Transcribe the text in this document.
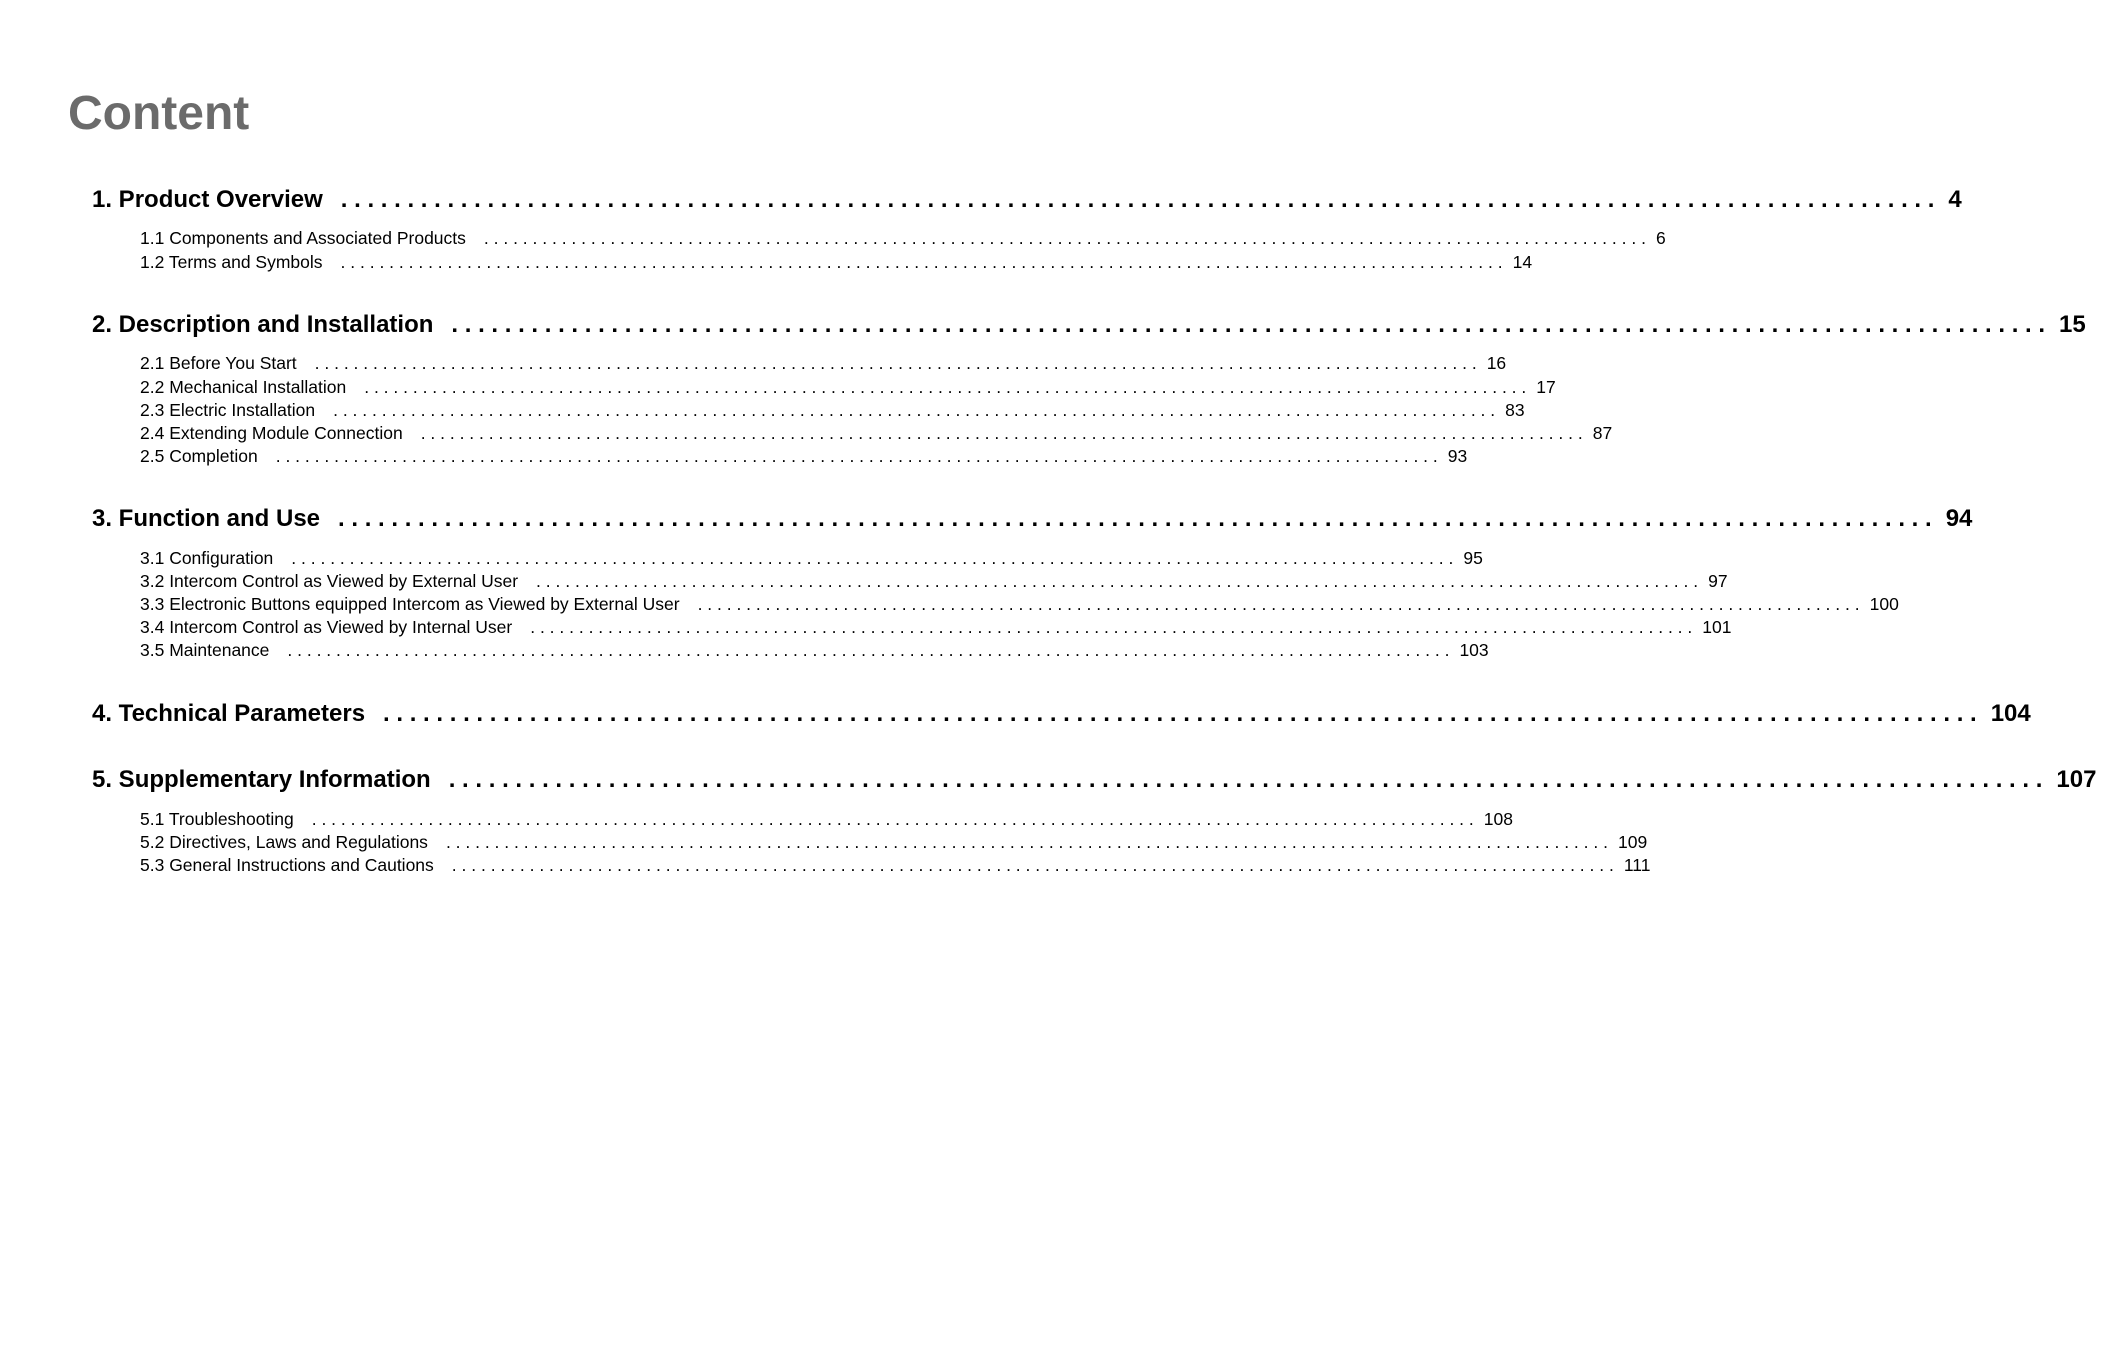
Content
1. Product Overview . . . . . . . . . . . . . . . . . . . . . . . . . . . . . . . . . . . . . . . . . . . . . . . . . . . . . . . . . . . . . . . . . . . . . . . . . . . . . . . . . . . . . . . . . . . . . . . . . . . . . . . . . . . . . . . . . . . . . . . . 4
1.1 Components and Associated Products	. . . . . . . . . . . . . . . . . . . . . . . . . . . . . . . . . . . . . . . . . . . . . . . . . . . . . . . . . . . . . . . . . . . . . . . . . . . . . . . . . . . . . . . . . . . . . . . . . . . . . . . . . . . . . . . . . . . . . . . . 6
1.2 Terms and Symbols	. . . . . . . . . . . . . . . . . . . . . . . . . . . . . . . . . . . . . . . . . . . . . . . . . . . . . . . . . . . . . . . . . . . . . . . . . . . . . . . . . . . . . . . . . . . . . . . . . . . . . . . . . . . . . . . . . . . . . . . . 14
2. Description and Installation . . . . . . . . . . . . . . . . . . . . . . . . . . . . . . . . . . . . . . . . . . . . . . . . . . . . . . . . . . . . . . . . . . . . . . . . . . . . . . . . . . . . . . . . . . . . . . . . . . . . . . . . . . . . . . . . . . . . . . . . 15
2.1 Before You Start	. . . . . . . . . . . . . . . . . . . . . . . . . . . . . . . . . . . . . . . . . . . . . . . . . . . . . . . . . . . . . . . . . . . . . . . . . . . . . . . . . . . . . . . . . . . . . . . . . . . . . . . . . . . . . . . . . . . . . . . . 16
2.2 Mechanical Installation	. . . . . . . . . . . . . . . . . . . . . . . . . . . . . . . . . . . . . . . . . . . . . . . . . . . . . . . . . . . . . . . . . . . . . . . . . . . . . . . . . . . . . . . . . . . . . . . . . . . . . . . . . . . . . . . . . . . . . . . . 17
2.3 Electric Installation	. . . . . . . . . . . . . . . . . . . . . . . . . . . . . . . . . . . . . . . . . . . . . . . . . . . . . . . . . . . . . . . . . . . . . . . . . . . . . . . . . . . . . . . . . . . . . . . . . . . . . . . . . . . . . . . . . . . . . . . . 83
2.4 Extending Module Connection	. . . . . . . . . . . . . . . . . . . . . . . . . . . . . . . . . . . . . . . . . . . . . . . . . . . . . . . . . . . . . . . . . . . . . . . . . . . . . . . . . . . . . . . . . . . . . . . . . . . . . . . . . . . . . . . . . . . . . . . . 87
2.5 Completion	. . . . . . . . . . . . . . . . . . . . . . . . . . . . . . . . . . . . . . . . . . . . . . . . . . . . . . . . . . . . . . . . . . . . . . . . . . . . . . . . . . . . . . . . . . . . . . . . . . . . . . . . . . . . . . . . . . . . . . . . 93
3. Function and Use . . . . . . . . . . . . . . . . . . . . . . . . . . . . . . . . . . . . . . . . . . . . . . . . . . . . . . . . . . . . . . . . . . . . . . . . . . . . . . . . . . . . . . . . . . . . . . . . . . . . . . . . . . . . . . . . . . . . . . . . 94
3.1 Configuration	. . . . . . . . . . . . . . . . . . . . . . . . . . . . . . . . . . . . . . . . . . . . . . . . . . . . . . . . . . . . . . . . . . . . . . . . . . . . . . . . . . . . . . . . . . . . . . . . . . . . . . . . . . . . . . . . . . . . . . . . 95
3.2 Intercom Control as Viewed by External User	. . . . . . . . . . . . . . . . . . . . . . . . . . . . . . . . . . . . . . . . . . . . . . . . . . . . . . . . . . . . . . . . . . . . . . . . . . . . . . . . . . . . . . . . . . . . . . . . . . . . . . . . . . . . . . . . . . . . . . . . 97
3.3 Electronic Buttons equipped Intercom as Viewed by External User	. . . . . . . . . . . . . . . . . . . . . . . . . . . . . . . . . . . . . . . . . . . . . . . . . . . . . . . . . . . . . . . . . . . . . . . . . . . . . . . . . . . . . . . . . . . . . . . . . . . . . . . . . . . . . . . . . . . . . . . . 100
3.4 Intercom Control as Viewed by Internal User	. . . . . . . . . . . . . . . . . . . . . . . . . . . . . . . . . . . . . . . . . . . . . . . . . . . . . . . . . . . . . . . . . . . . . . . . . . . . . . . . . . . . . . . . . . . . . . . . . . . . . . . . . . . . . . . . . . . . . . . . 101
3.5 Maintenance	. . . . . . . . . . . . . . . . . . . . . . . . . . . . . . . . . . . . . . . . . . . . . . . . . . . . . . . . . . . . . . . . . . . . . . . . . . . . . . . . . . . . . . . . . . . . . . . . . . . . . . . . . . . . . . . . . . . . . . . . 103
4. Technical Parameters . . . . . . . . . . . . . . . . . . . . . . . . . . . . . . . . . . . . . . . . . . . . . . . . . . . . . . . . . . . . . . . . . . . . . . . . . . . . . . . . . . . . . . . . . . . . . . . . . . . . . . . . . . . . . . . . . . . . . . . . 104
5. Supplementary Information . . . . . . . . . . . . . . . . . . . . . . . . . . . . . . . . . . . . . . . . . . . . . . . . . . . . . . . . . . . . . . . . . . . . . . . . . . . . . . . . . . . . . . . . . . . . . . . . . . . . . . . . . . . . . . . . . . . . . . . . 107
5.1 Troubleshooting	. . . . . . . . . . . . . . . . . . . . . . . . . . . . . . . . . . . . . . . . . . . . . . . . . . . . . . . . . . . . . . . . . . . . . . . . . . . . . . . . . . . . . . . . . . . . . . . . . . . . . . . . . . . . . . . . . . . . . . . . 108
5.2 Directives, Laws and Regulations	. . . . . . . . . . . . . . . . . . . . . . . . . . . . . . . . . . . . . . . . . . . . . . . . . . . . . . . . . . . . . . . . . . . . . . . . . . . . . . . . . . . . . . . . . . . . . . . . . . . . . . . . . . . . . . . . . . . . . . . . 109
5.3 General Instructions and Cautions	. . . . . . . . . . . . . . . . . . . . . . . . . . . . . . . . . . . . . . . . . . . . . . . . . . . . . . . . . . . . . . . . . . . . . . . . . . . . . . . . . . . . . . . . . . . . . . . . . . . . . . . . . . . . . . . . . . . . . . . . 111
